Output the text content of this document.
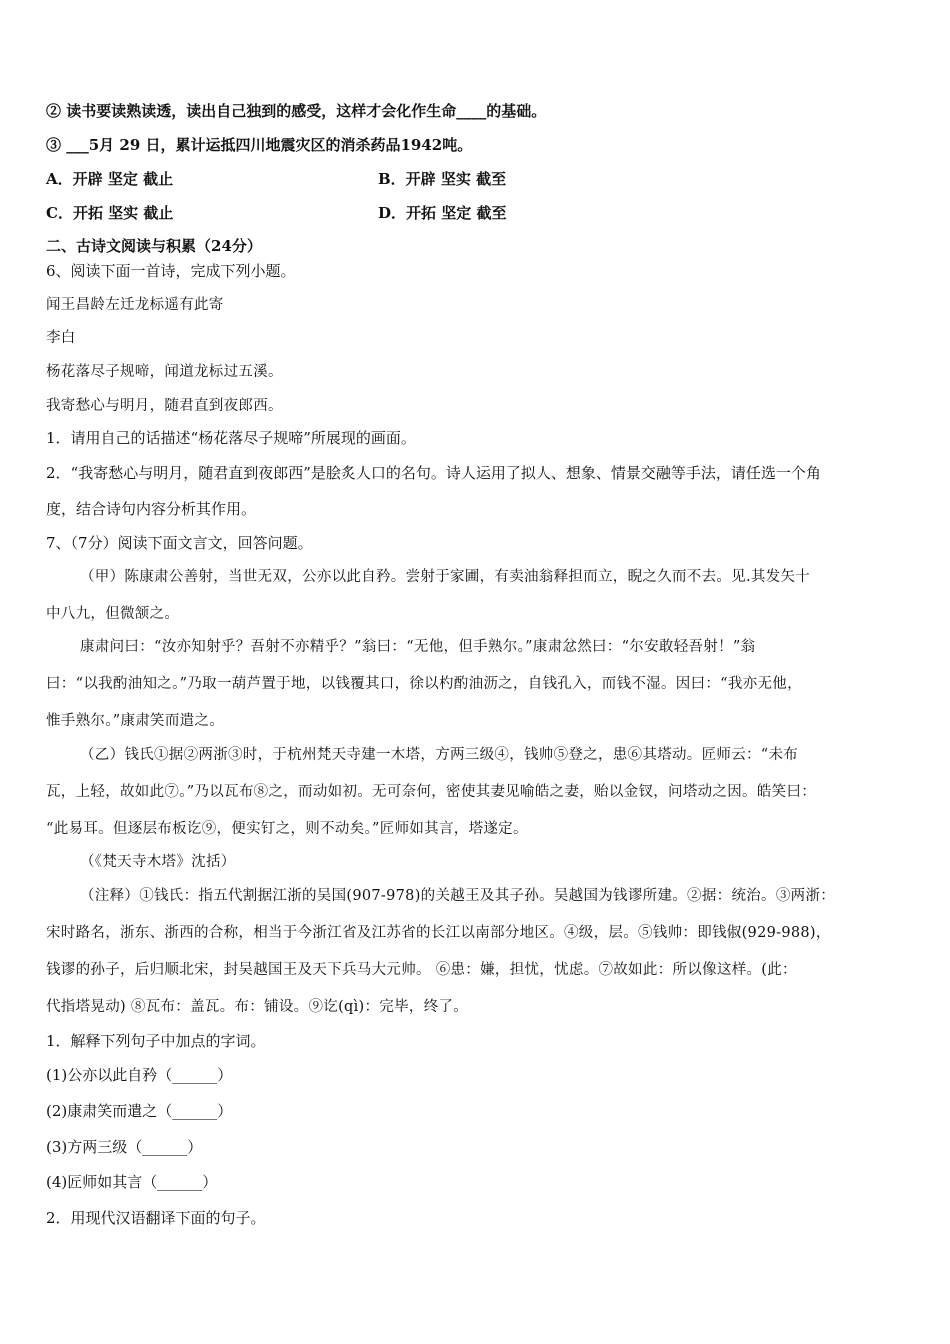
② 读书要读熟读透，读出自己独到的感受，这样才会化作生命____的基础。
③ ___5月 29 日，累计运抵四川地震灾区的消杀药品1942吨。
A．开辟 坚定 截止	B．开辟 坚实 截至
C．开拓 坚实 截止	D．开拓 坚定 截至
二、古诗文阅读与积累（24分）
6、阅读下面一首诗，完成下列小题。
闻王昌龄左迁龙标遥有此寄
李白
杨花落尽子规啼，闻道龙标过五溪。
我寄愁心与明月，随君直到夜郎西。
1．请用自己的话描述“杨花落尽子规啼”所展现的画面。
2．“我寄愁心与明月，随君直到夜郎西”是脍炙人口的名句。诗人运用了拟人、想象、情景交融等手法，请任选一个角
度，结合诗句内容分析其作用。
7、（7分）阅读下面文言文，回答问题。
（甲）陈康肃公善射，当世无双，公亦以此自矜。尝射于家圃，有卖油翁释担而立，睨之久而不去。见.其发矢十
中八九，但微颔之。
康肃问曰：“汝亦知射乎？吾射不亦精乎？”翁曰：“无他，但手熟尔。”康肃忿然曰：“尔安敢轻吾射！”翁
曰：“以我酌油知之。”乃取一葫芦置于地，以钱覆其口，徐以杓酌油沥之，自钱孔入，而钱不湿。因曰：“我亦无他，
惟手熟尔。”康肃笑而遣之。
（乙）钱氏①据②两浙③时，于杭州梵天寺建一木塔，方两三级④，钱帅⑤登之，患⑥其塔动。匠师云：“未布
瓦，上轻，故如此⑦。”乃以瓦布⑧之，而动如初。无可奈何，密使其妻见喻皓之妻，贻以金钗，问塔动之因。皓笑曰：
“此易耳。但逐层布板讫⑨，便实钉之，则不动矣。”匠师如其言，塔遂定。
（《梵天寺木塔》沈括）
（注释）①钱氏：指五代割据江浙的吴国(907-978)的关越王及其子孙。吴越国为钱谬所建。②据：统治。③两浙：
宋时路名，浙东、浙西的合称，相当于今浙江省及江苏省的长江以南部分地区。④级，层。⑤钱帅：即钱俶(929-988)，
钱谬的孙子，后归顺北宋，封吴越国王及天下兵马大元帅。 ⑥患：嫌，担忧，忧虑。⑦故如此：所以像这样。(此：
代指塔晃动) ⑧瓦布：盖瓦。布：铺设。⑨讫(qì)：完毕，终了。
1．解释下列句子中加点的字词。
(1)公亦以此自矜（______）
(2)康肃笑而遣之（______）
(3)方两三级（______）
(4)匠师如其言（______）
2．用现代汉语翻译下面的句子。
